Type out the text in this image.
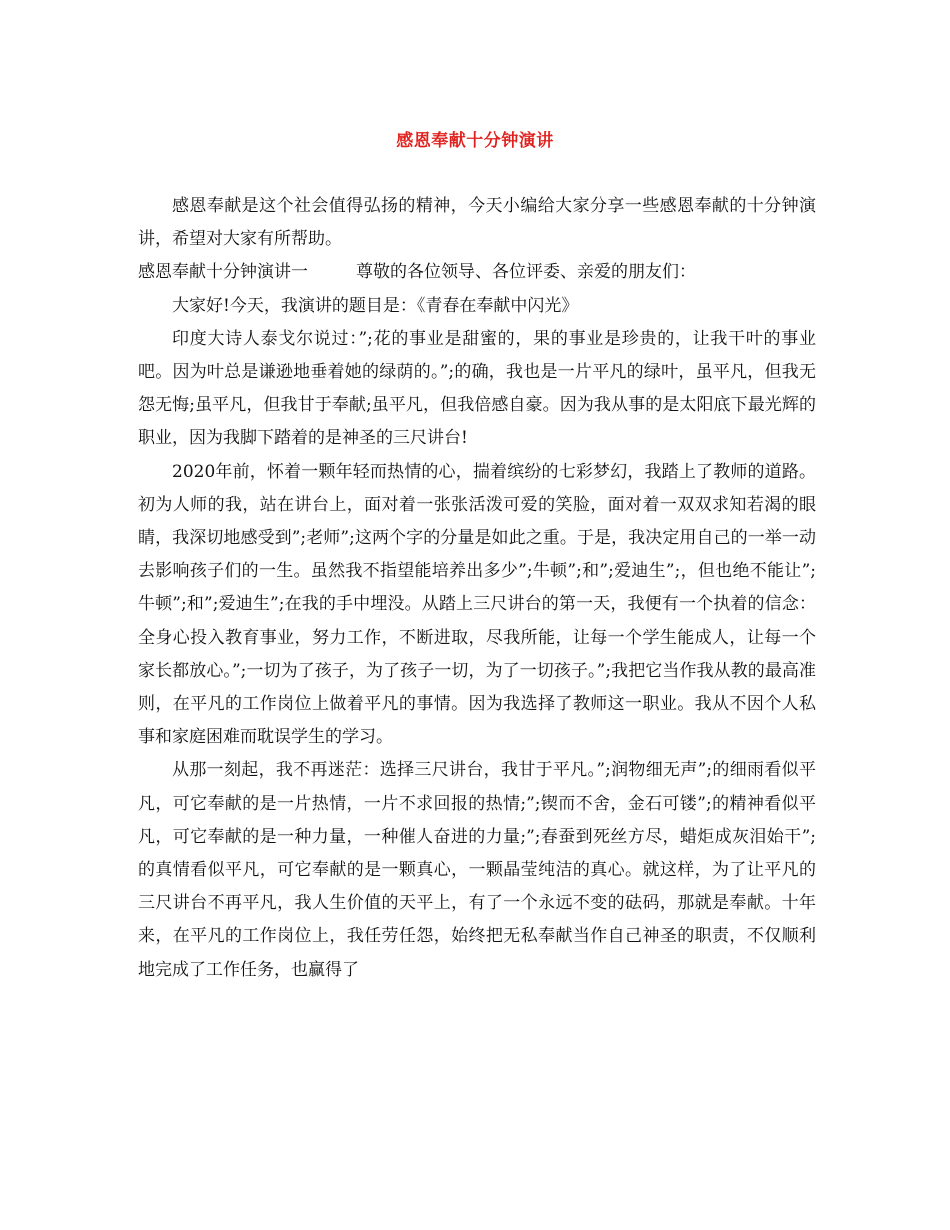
感恩奉献十分钟演讲

感恩奉献是这个社会值得弘扬的精神，今天小编给大家分享一些感恩奉献的十分钟演讲，希望对大家有所帮助。

感恩奉献十分钟演讲一	尊敬的各位领导、各位评委、亲爱的朋友们：

大家好!今天，我演讲的题目是：《青春在奉献中闪光》

印度大诗人泰戈尔说过：”;花的事业是甜蜜的，果的事业是珍贵的，让我干叶的事业吧。因为叶总是谦逊地垂着她的绿荫的。”;的确，我也是一片平凡的绿叶，虽平凡，但我无怨无悔;虽平凡，但我甘于奉献;虽平凡，但我倍感自豪。因为我从事的是太阳底下最光辉的职业，因为我脚下踏着的是神圣的三尺讲台!

2020年前，怀着一颗年轻而热情的心，揣着缤纷的七彩梦幻，我踏上了教师的道路。初为人师的我，站在讲台上，面对着一张张活泼可爱的笑脸，面对着一双双求知若渴的眼睛，我深切地感受到”;老师”;这两个字的分量是如此之重。于是，我决定用自己的一举一动去影响孩子们的一生。虽然我不指望能培养出多少”;牛顿”;和”;爱迪生”;，但也绝不能让”;牛顿”;和”;爱迪生”;在我的手中埋没。从踏上三尺讲台的第一天，我便有一个执着的信念：全身心投入教育事业，努力工作，不断进取，尽我所能，让每一个学生能成人，让每一个家长都放心。”;一切为了孩子，为了孩子一切，为了一切孩子。”;我把它当作我从教的最高准则，在平凡的工作岗位上做着平凡的事情。因为我选择了教师这一职业。我从不因个人私事和家庭困难而耽误学生的学习。

从那一刻起，我不再迷茫：选择三尺讲台，我甘于平凡。”;润物细无声”;的细雨看似平凡，可它奉献的是一片热情，一片不求回报的热情;”;锲而不舍，金石可镂”;的精神看似平凡，可它奉献的是一种力量，一种催人奋进的力量;”;春蚕到死丝方尽，蜡炬成灰泪始干”;的真情看似平凡，可它奉献的是一颗真心，一颗晶莹纯洁的真心。就这样，为了让平凡的三尺讲台不再平凡，我人生价值的天平上，有了一个永远不变的砝码，那就是奉献。十年来，在平凡的工作岗位上，我任劳任怨，始终把无私奉献当作自己神圣的职责，不仅顺利地完成了工作任务，也赢得了
